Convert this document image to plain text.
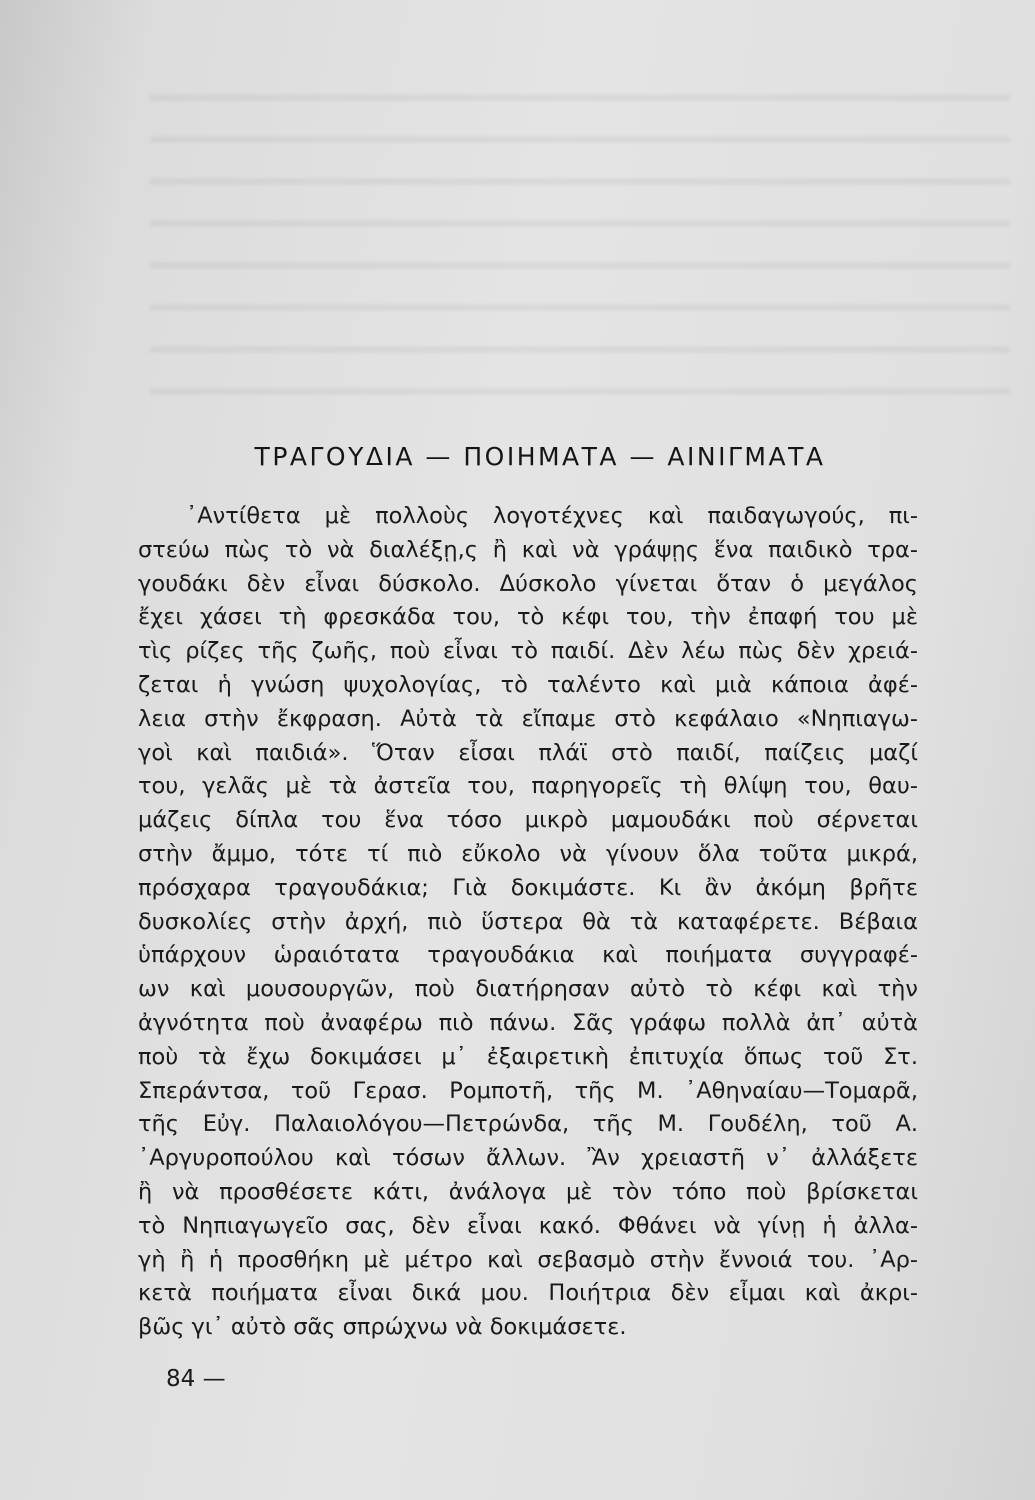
ΤΡΑΓΟΥΔΙΑ — ΠΟΙΗΜΑΤΑ — ΑΙΝΙΓΜΑΤΑ
᾿Αντίθετα μὲ πολλοὺς λογοτέχνες καὶ παιδαγωγούς, πι-
στεύω πὼς τὸ νὰ διαλέξῃ,ς ἢ καὶ νὰ γράψῃς ἕνα παιδικὸ τρα-
γουδάκι δὲν εἶναι δύσκολο. Δύσκολο γίνεται ὅταν ὁ μεγάλος
ἔχει χάσει τὴ φρεσκάδα του, τὸ κέφι του, τὴν ἐπαφή του μὲ
τὶς ρίζες τῆς ζωῆς, ποὺ εἶναι τὸ παιδί. Δὲν λέω πὼς δὲν χρειά-
ζεται ἡ γνώση ψυχολογίας, τὸ ταλέντο καὶ μιὰ κάποια ἀφέ-
λεια στὴν ἔκφραση. Αὐτὰ τὰ εἴπαμε στὸ κεφάλαιο «Νηπιαγω-
γοὶ καὶ παιδιά». Ὅταν εἶσαι πλάϊ στὸ παιδί, παίζεις μαζί
του, γελᾶς μὲ τὰ ἀστεῖα του, παρηγορεῖς τὴ θλίψη του, θαυ-
μάζεις δίπλα του ἕνα τόσο μικρὸ μαμουδάκι ποὺ σέρνεται
στὴν ἄμμο, τότε τί πιὸ εὔκολο νὰ γίνουν ὅλα τοῦτα μικρά,
πρόσχαρα τραγουδάκια; Γιὰ δοκιμάστε. Κι ἂν ἀκόμη βρῆτε
δυσκολίες στὴν ἀρχή, πιὸ ὕστερα θὰ τὰ καταφέρετε. Βέβαια
ὑπάρχουν ὡραιότατα τραγουδάκια καὶ ποιήματα συγγραφέ-
ων καὶ μουσουργῶν, ποὺ διατήρησαν αὐτὸ τὸ κέφι καὶ τὴν
ἀγνότητα ποὺ ἀναφέρω πιὸ πάνω. Σᾶς γράφω πολλὰ ἀπ᾿ αὐτὰ
ποὺ τὰ ἔχω δοκιμάσει μ᾿ ἐξαιρετικὴ ἐπιτυχία ὅπως τοῦ Στ.
Σπεράντσα, τοῦ Γερασ. Ρομποτῆ, τῆς Μ. ᾿Αθηναίαυ—Τομαρᾶ,
τῆς Εὐγ. Παλαιολόγου—Πετρώνδα, τῆς Μ. Γουδέλη, τοῦ Α.
᾿Αργυροπούλου καὶ τόσων ἄλλων. Ἂν χρειαστῆ ν᾿ ἀλλάξετε
ἢ νὰ προσθέσετε κάτι, ἀνάλογα μὲ τὸν τόπο ποὺ βρίσκεται
τὸ Νηπιαγωγεῖο σας, δὲν εἶναι κακό. Φθάνει νὰ γίνῃ ἡ ἀλλα-
γὴ ἢ ἡ προσθήκη μὲ μέτρο καὶ σεβασμὸ στὴν ἔννοιά του. ᾿Αρ-
κετὰ ποιήματα εἶναι δικά μου. Ποιήτρια δὲν εἶμαι καὶ ἀκρι-
βῶς γι᾿ αὐτὸ σᾶς σπρώχνω νὰ δοκιμάσετε.
84 —
